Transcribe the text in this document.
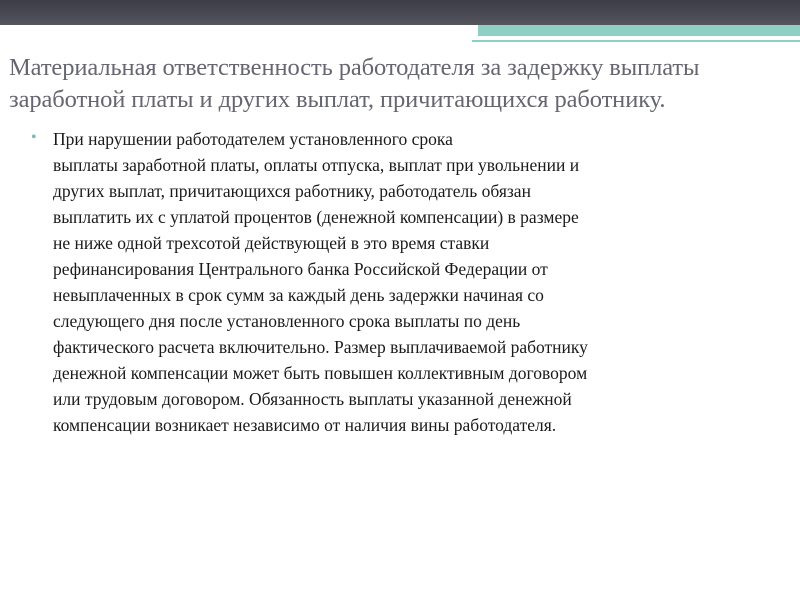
Материальная ответственность работодателя за задержку выплаты
заработной платы и других выплат, причитающихся работнику.
• При нарушении работодателем установленного срока
выплаты заработной платы, оплаты отпуска, выплат при увольнении и
других выплат, причитающихся работнику, работодатель обязан
выплатить их с уплатой процентов (денежной компенсации) в размере
не ниже одной трехсотой действующей в это время ставки
рефинансирования Центрального банка Российской Федерации от
невыплаченных в срок сумм за каждый день задержки начиная со
следующего дня после установленного срока выплаты по день
фактического расчета включительно. Размер выплачиваемой работнику
денежной компенсации может быть повышен коллективным договором
или трудовым договором. Обязанность выплаты указанной денежной
компенсации возникает независимо от наличия вины работодателя.
